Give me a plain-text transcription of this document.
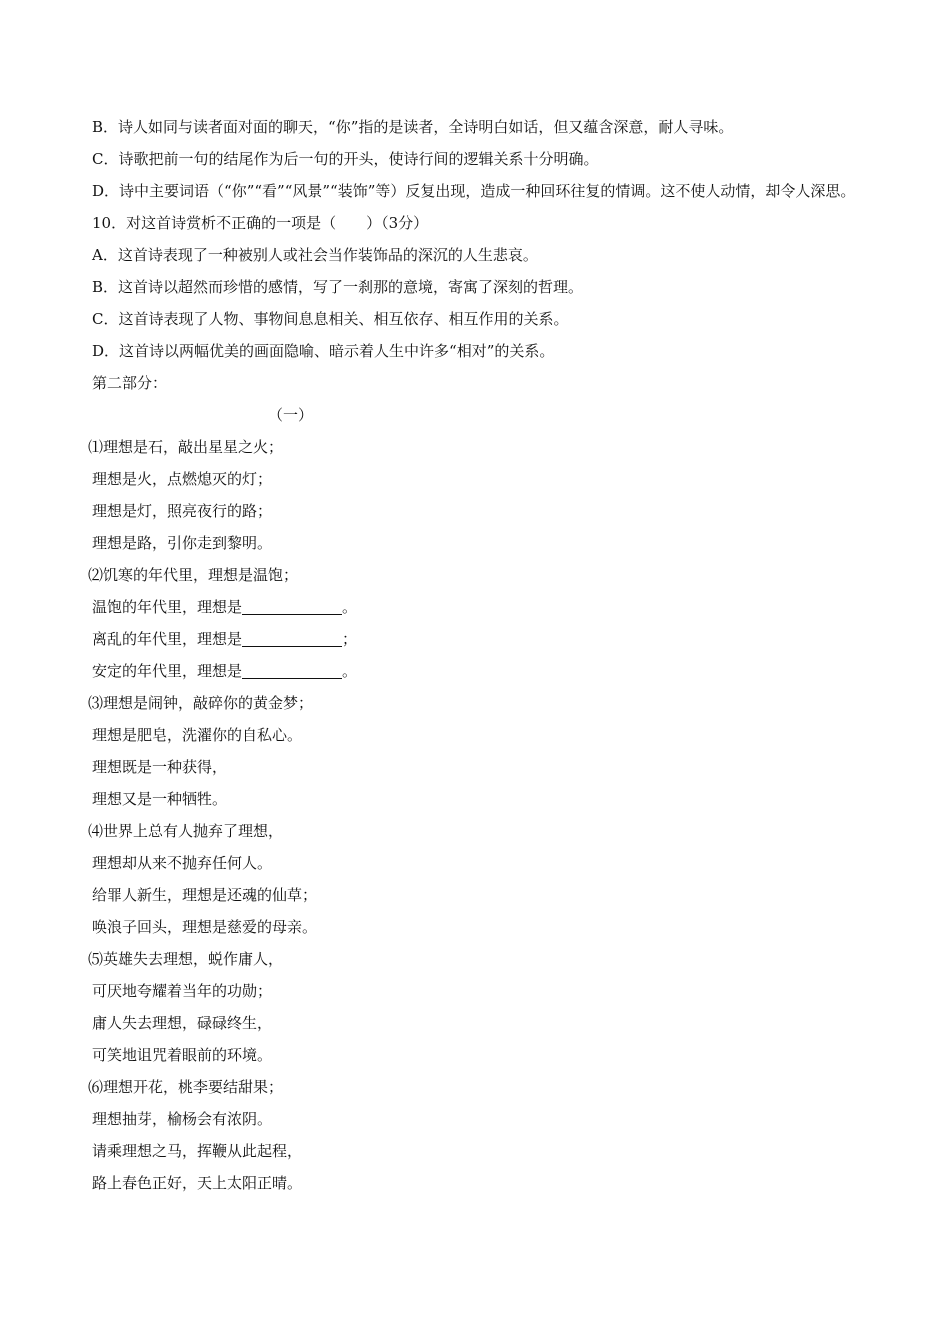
B．诗人如同与读者面对面的聊天，“你”指的是读者，全诗明白如话，但又蕴含深意，耐人寻味。
C．诗歌把前一句的结尾作为后一句的开头，使诗行间的逻辑关系十分明确。
D．诗中主要词语（“你”“看”“风景”“装饰”等）反复出现，造成一种回环往复的情调。这不使人动情，却令人深思。
10．对这首诗赏析不正确的一项是（　　）（3分）
A．这首诗表现了一种被别人或社会当作装饰品的深沉的人生悲哀。
B．这首诗以超然而珍惜的感情，写了一刹那的意境，寄寓了深刻的哲理。
C．这首诗表现了人物、事物间息息相关、相互依存、相互作用的关系。
D．这首诗以两幅优美的画面隐喻、暗示着人生中许多“相对”的关系。
第二部分：
（一）
⑴理想是石，敲出星星之火；
理想是火，点燃熄灭的灯；
理想是灯，照亮夜行的路；
理想是路，引你走到黎明。
⑵饥寒的年代里，理想是温饱；
温饱的年代里，理想是	。
离乱的年代里，理想是	；
安定的年代里，理想是	。
⑶理想是闹钟，敲碎你的黄金梦；
理想是肥皂，洗濯你的自私心。
理想既是一种获得，
理想又是一种牺牲。
⑷世界上总有人抛弃了理想，
理想却从来不抛弃任何人。
给罪人新生，理想是还魂的仙草；
唤浪子回头，理想是慈爱的母亲。
⑸英雄失去理想，蜕作庸人，
可厌地夸耀着当年的功勋；
庸人失去理想，碌碌终生，
可笑地诅咒着眼前的环境。
⑹理想开花，桃李要结甜果；
理想抽芽，榆杨会有浓阴。
请乘理想之马，挥鞭从此起程，
路上春色正好，天上太阳正晴。
